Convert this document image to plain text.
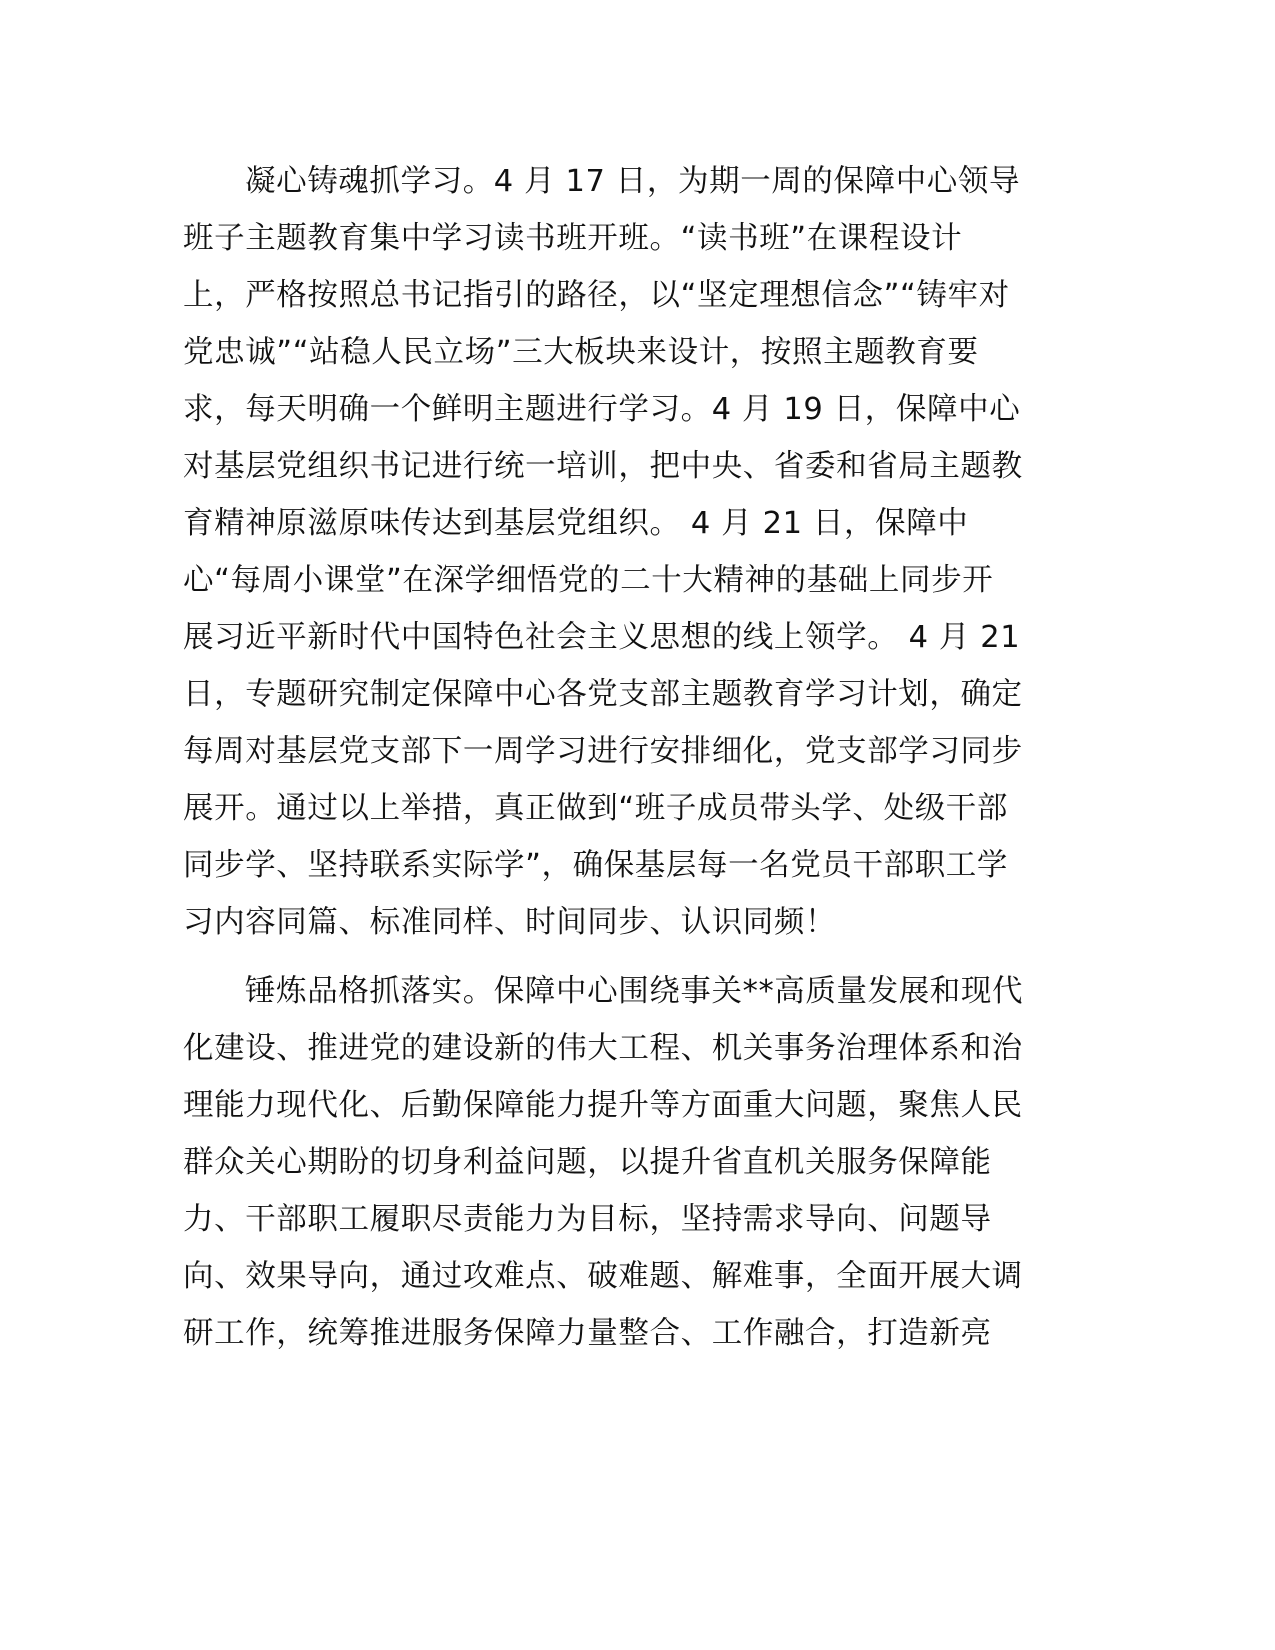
凝心铸魂抓学习。4 月 17 日，为期一周的保障中心领导
班子主题教育集中学习读书班开班。“读书班”在课程设计
上，严格按照总书记指引的路径，以“坚定理想信念”“铸牢对
党忠诚”“站稳人民立场”三大板块来设计，按照主题教育要
求，每天明确一个鲜明主题进行学习。4 月 19 日，保障中心
对基层党组织书记进行统一培训，把中央、省委和省局主题教
育精神原滋原味传达到基层党组织。 4 月 21 日，保障中
心“每周小课堂”在深学细悟党的二十大精神的基础上同步开
展习近平新时代中国特色社会主义思想的线上领学。 4 月 21
日，专题研究制定保障中心各党支部主题教育学习计划，确定
每周对基层党支部下一周学习进行安排细化，党支部学习同步
展开。通过以上举措，真正做到“班子成员带头学、处级干部
同步学、坚持联系实际学”，确保基层每一名党员干部职工学
习内容同篇、标准同样、时间同步、认识同频！

锤炼品格抓落实。保障中心围绕事关**高质量发展和现代
化建设、推进党的建设新的伟大工程、机关事务治理体系和治
理能力现代化、后勤保障能力提升等方面重大问题，聚焦人民
群众关心期盼的切身利益问题，以提升省直机关服务保障能
力、干部职工履职尽责能力为目标，坚持需求导向、问题导
向、效果导向，通过攻难点、破难题、解难事，全面开展大调
研工作，统筹推进服务保障力量整合、工作融合，打造新亮
